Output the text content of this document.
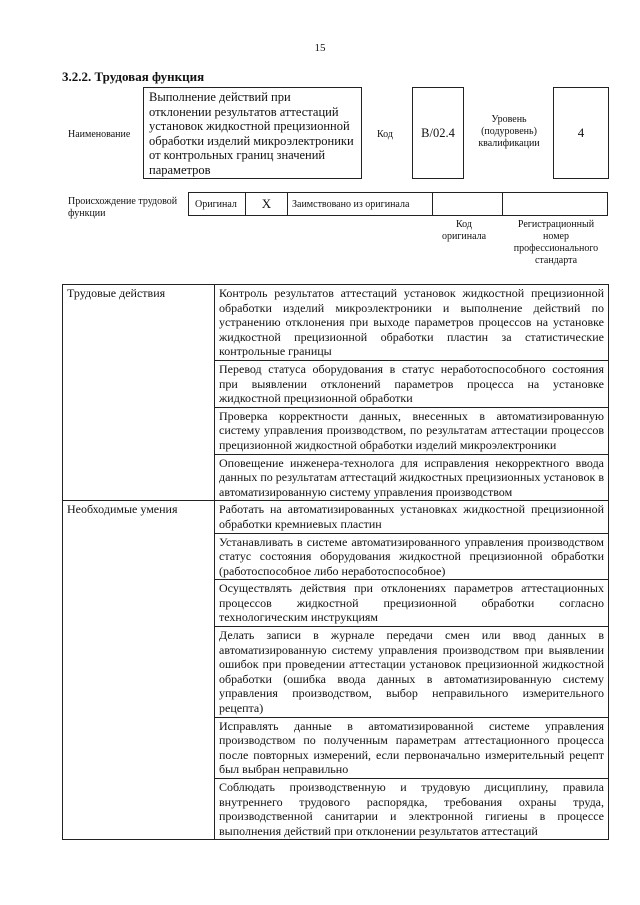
15
3.2.2. Трудовая функция
Наименование
Выполнение действий при отклонении результатов аттестаций установок жидкостной прецизионной обработки изделий микроэлектроники от контрольных границ значений параметров
Код B/02.4
Уровень (подуровень) квалификации
4
Происхождение трудовой функции
Оригинал X Заимствовано из оригинала
Код оригинала
Регистрационный номер профессионального стандарта
Трудовые действия	Контроль результатов аттестаций установок жидкостной прецизионной обработки изделий микроэлектроники и выполнение действий по устранению отклонения при выходе параметров процессов на установке жидкостной прецизионной обработки пластин за статистические контрольные границы
	Перевод статуса оборудования в статус неработоспособного состояния при выявлении отклонений параметров процесса на установке жидкостной прецизионной обработки
	Проверка корректности данных, внесенных в автоматизированную систему управления производством, по результатам аттестации процессов прецизионной жидкостной обработки изделий микроэлектроники
	Оповещение инженера-технолога для исправления некорректного ввода данных по результатам аттестаций жидкостных прецизионных установок в автоматизированную систему управления производством
Необходимые умения	Работать на автоматизированных установках жидкостной прецизионной обработки кремниевых пластин
	Устанавливать в системе автоматизированного управления производством статус состояния оборудования жидкостной прецизионной обработки (работоспособное либо неработоспособное)
	Осуществлять действия при отклонениях параметров аттестационных процессов жидкостной прецизионной обработки согласно технологическим инструкциям
	Делать записи в журнале передачи смен или ввод данных в автоматизированную систему управления производством при выявлении ошибок при проведении аттестации установок прецизионной жидкостной обработки (ошибка ввода данных в автоматизированную систему управления производством, выбор неправильного измерительного рецепта)
	Исправлять данные в автоматизированной системе управления производством по полученным параметрам аттестационного процесса после повторных измерений, если первоначально измерительный рецепт был выбран неправильно
	Соблюдать производственную и трудовую дисциплину, правила внутреннего трудового распорядка, требования охраны труда, производственной санитарии и электронной гигиены в процессе выполнения действий при отклонении результатов аттестаций
